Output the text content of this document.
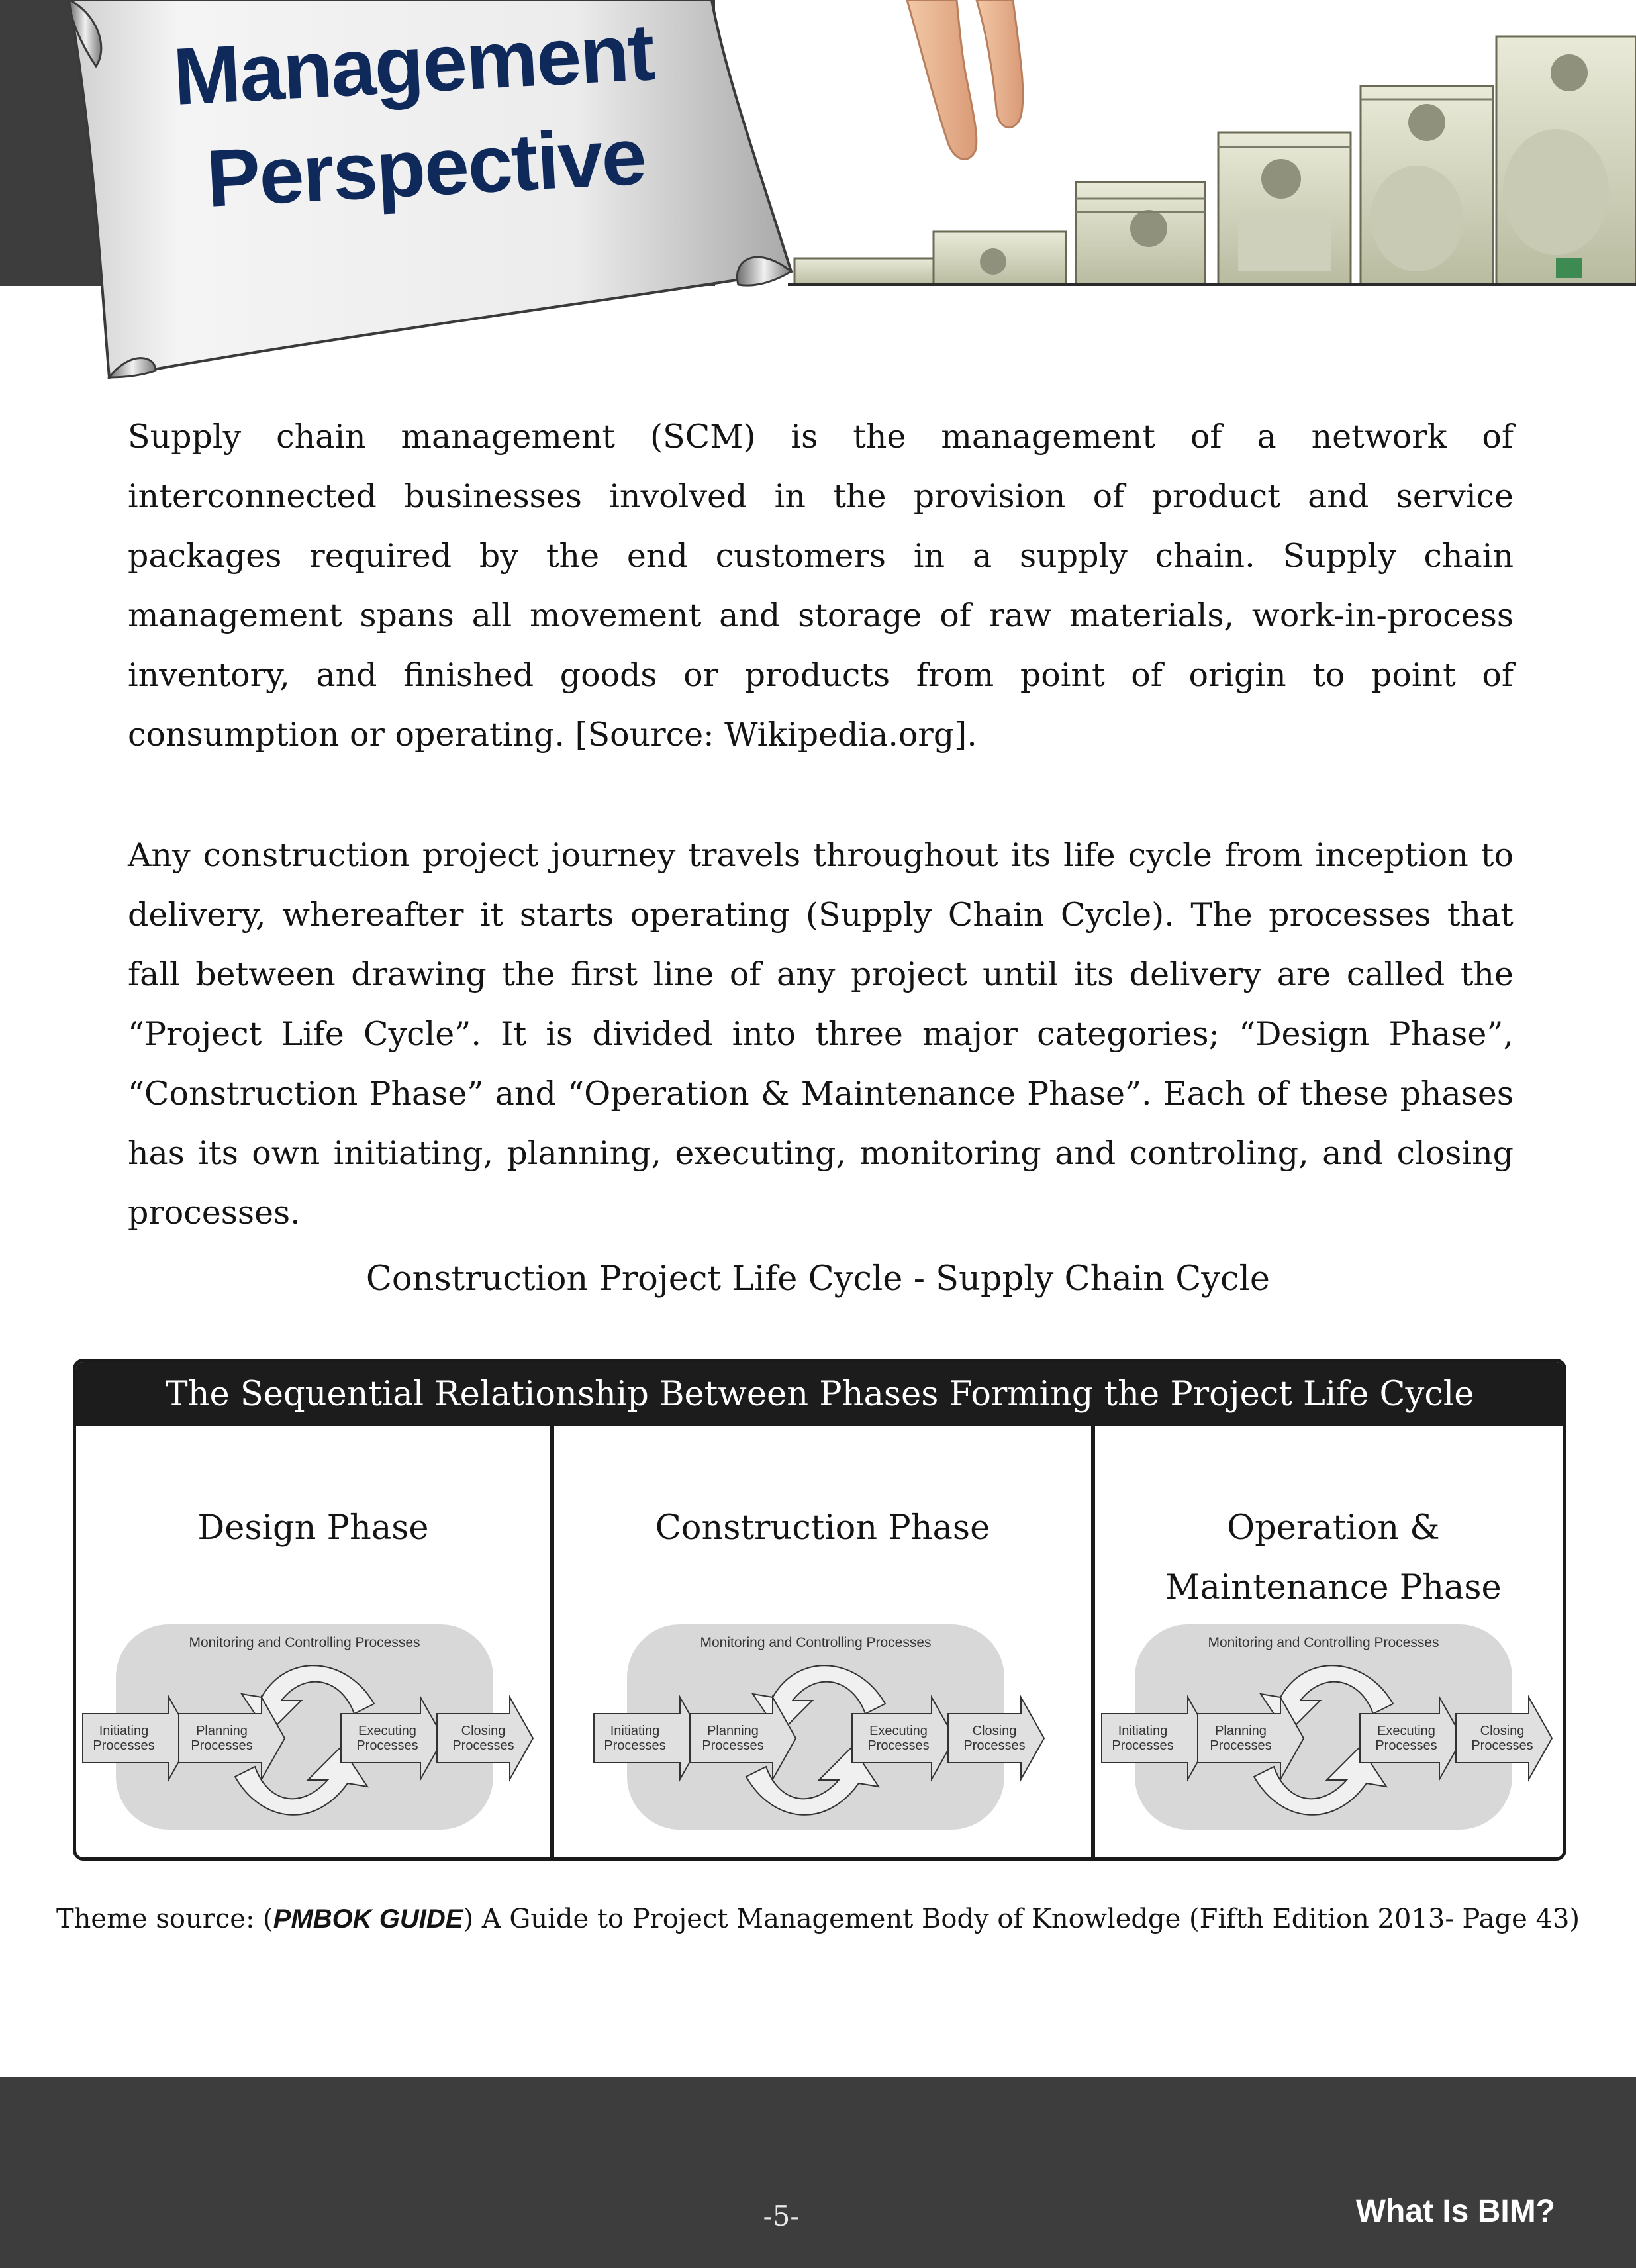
Management
Perspective
Supply chain management (SCM) is the management of a network of interconnected businesses involved in the provision of product and service packages required by the end customers in a supply chain. Supply chain management spans all movement and storage of raw materials, work-in-process inventory, and finished goods or products from point of origin to point of consumption or operating. [Source: Wikipedia.org].
Any construction project journey travels throughout its life cycle from inception to delivery, whereafter it starts operating (Supply Chain Cycle). The processes that fall between drawing the first line of any project until its delivery are called the “Project Life Cycle”. It is divided into three major categories; “Design Phase”, “Construction Phase” and “Operation & Maintenance Phase”. Each of these phases has its own initiating, planning, executing, monitoring and controling, and closing processes.
Construction Project Life Cycle - Supply Chain Cycle
The Sequential Relationship Between Phases Forming the Project Life Cycle
Design Phase
Monitoring and Controlling Processes
Initiating
Processes
Planning
Processes
Executing
Processes
Closing
Processes
Construction Phase
Monitoring and Controlling Processes
Initiating
Processes
Planning
Processes
Executing
Processes
Closing
Processes
Operation & Maintenance Phase
Monitoring and Controlling Processes
Initiating
Processes
Planning
Processes
Executing
Processes
Closing
Processes
Theme source: (PMBOK GUIDE) A Guide to Project Management Body of Knowledge (Fifth Edition 2013- Page 43)
-5-	What Is BIM?
